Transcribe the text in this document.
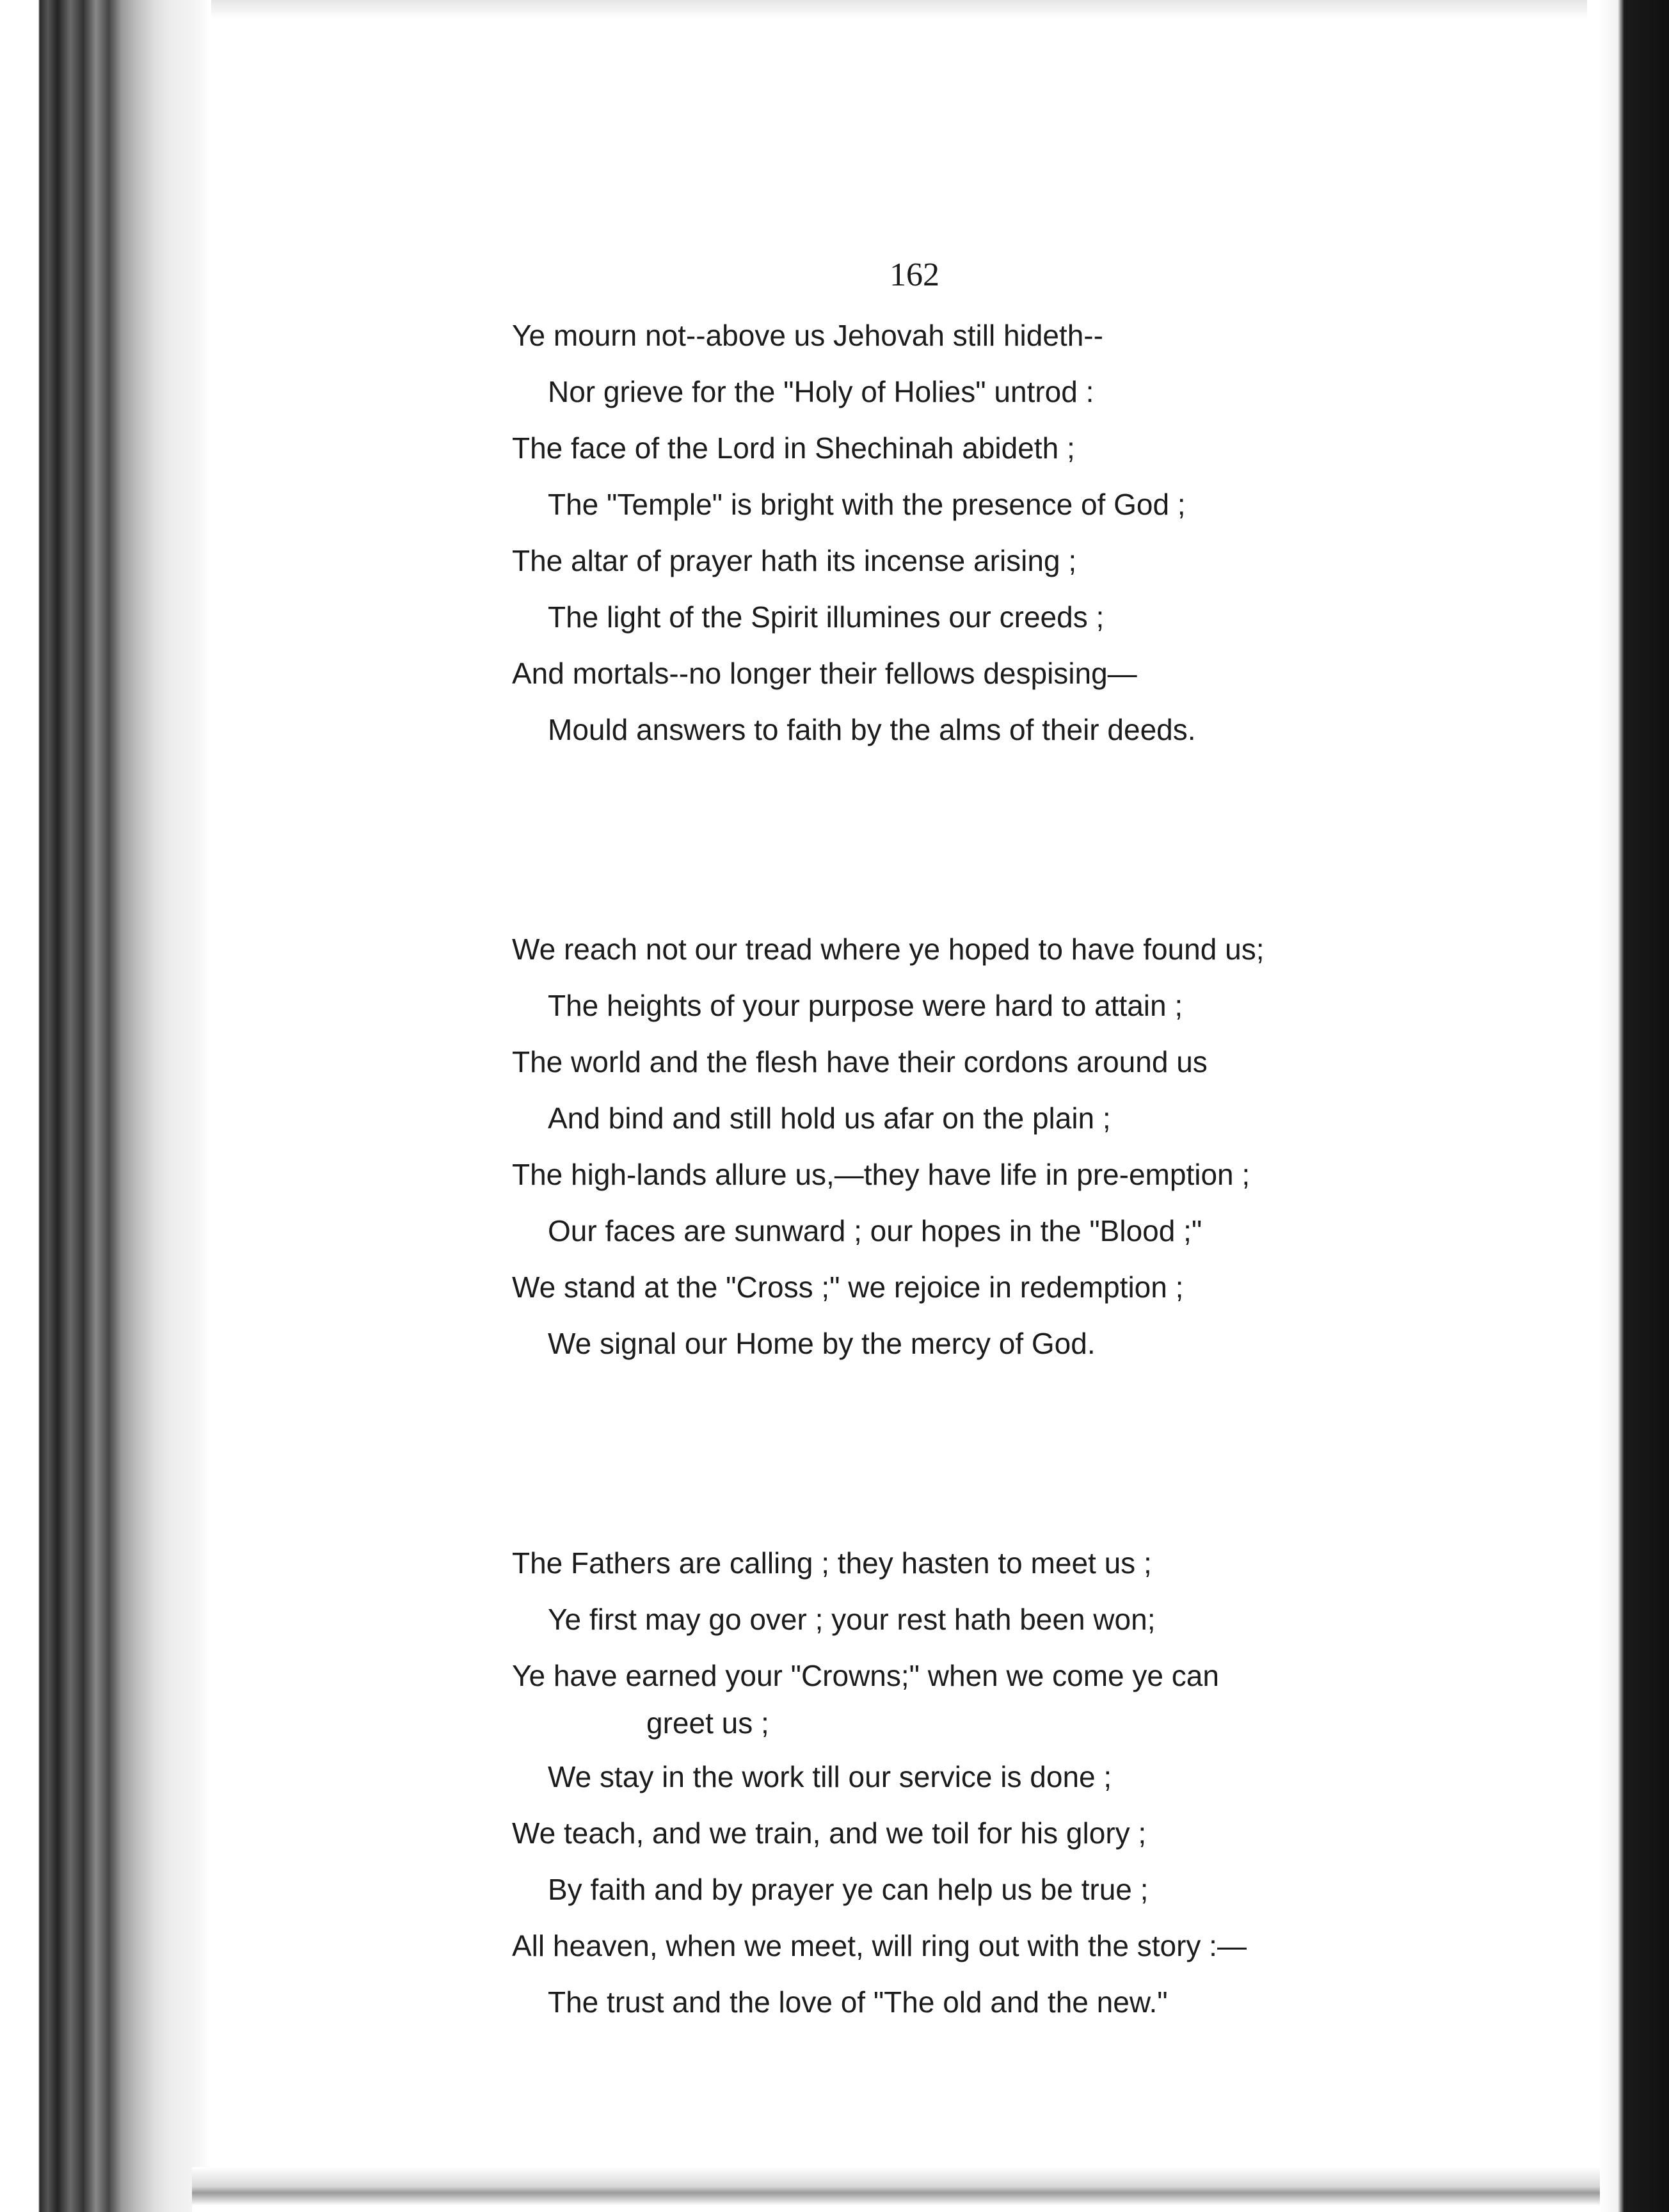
162
Ye mourn not--above us Jehovah still hideth--
Nor grieve for the "Holy of Holies" untrod :
The face of the Lord in Shechinah abideth ;
The "Temple" is bright with the presence of God ;
The altar of prayer hath its incense arising ;
The light of the Spirit illumines our creeds ;
And mortals--no longer their fellows despising—
Mould answers to faith by the alms of their deeds.
We reach not our tread where ye hoped to have found us;
The heights of your purpose were hard to attain ;
The world and the flesh have their cordons around us
And bind and still hold us afar on the plain ;
The high-lands allure us,—they have life in pre-emption ;
Our faces are sunward ; our hopes in the "Blood ;"
We stand at the "Cross ;" we rejoice in redemption ;
We signal our Home by the mercy of God.
The Fathers are calling ; they hasten to meet us ;
Ye first may go over ; your rest hath been won;
Ye have earned your "Crowns;" when we come ye can
greet us ;
We stay in the work till our service is done ;
We teach, and we train, and we toil for his glory ;
By faith and by prayer ye can help us be true ;
All heaven, when we meet, will ring out with the story :—
The trust and the love of "The old and the new."
